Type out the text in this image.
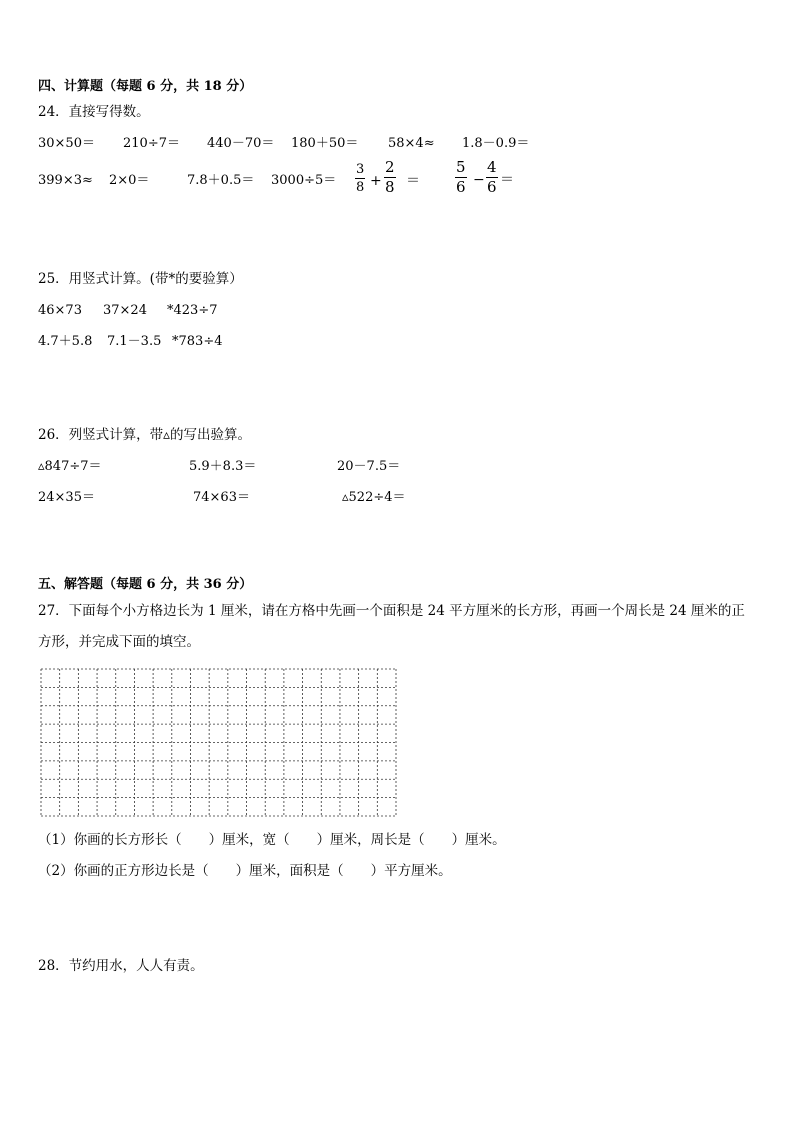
四、计算题（每题 6 分，共 18 分）
24．直接写得数。
30×50＝ 210÷7＝ 440－70＝ 180＋50＝ 58×4≈ 1.8－0.9＝
399×3≈ 2×0＝	7.8＋0.5＝ 3000÷5＝
3
8 +
2
8 ＝
5
6 −
4
6 ＝
25．用竖式计算。(带*的要验算）
46×73 37×24 *423÷7
4.7＋5.8 7.1－3.5 *783÷4
26．列竖式计算，带▵的写出验算。
▵847÷7＝	5.9＋8.3＝	20－7.5＝
24×35＝	74×63＝	▵522÷4＝
五、解答题（每题 6 分，共 36 分）
27．下面每个小方格边长为 1 厘米，请在方格中先画一个面积是 24 平方厘米的长方形，再画一个周长是 24 厘米的正方形，并完成下面的填空。
（1）你画的长方形长（　　）厘米，宽（　　）厘米，周长是（　　）厘米。
（2）你画的正方形边长是（　　）厘米，面积是（　　）平方厘米。
28．节约用水，人人有责。
